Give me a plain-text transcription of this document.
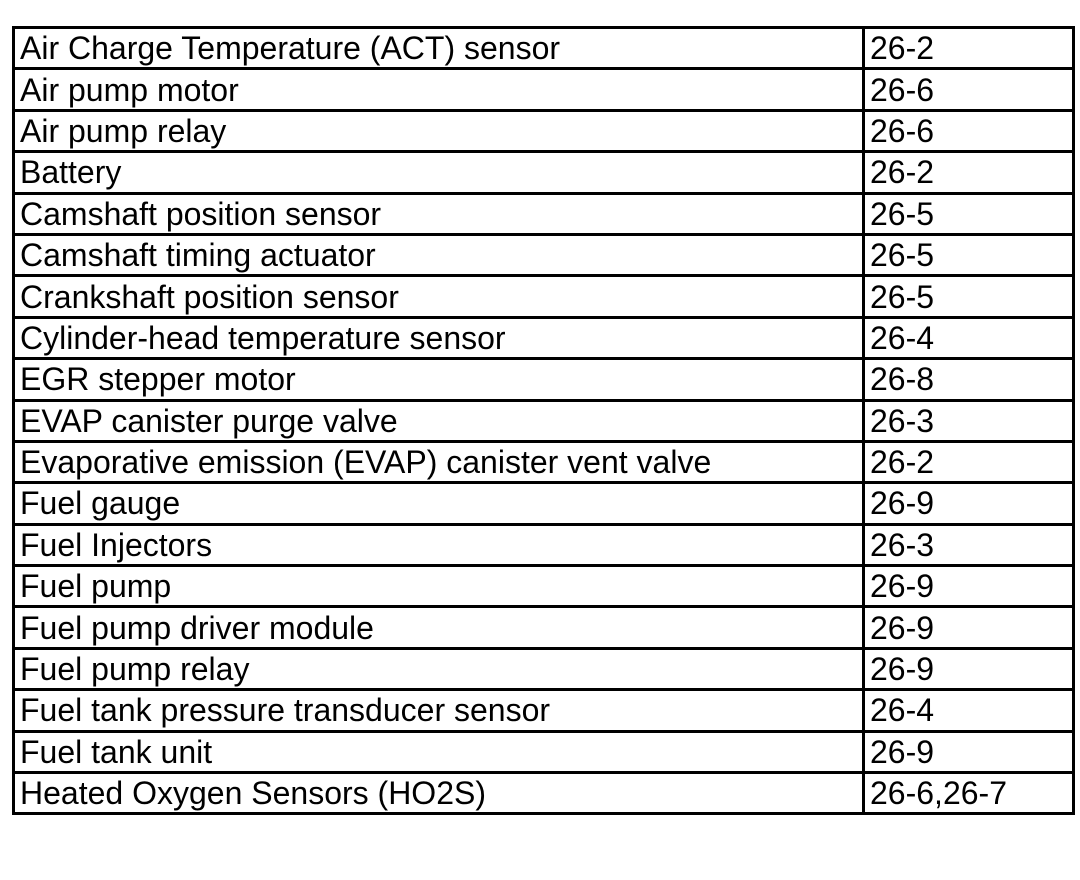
Air Charge Temperature (ACT) sensor	26-2
Air pump motor	26-6
Air pump relay	26-6
Battery	26-2
Camshaft position sensor	26-5
Camshaft timing actuator	26-5
Crankshaft position sensor	26-5
Cylinder-head temperature sensor	26-4
EGR stepper motor	26-8
EVAP canister purge valve	26-3
Evaporative emission (EVAP) canister vent valve	26-2
Fuel gauge	26-9
Fuel Injectors	26-3
Fuel pump	26-9
Fuel pump driver module	26-9
Fuel pump relay	26-9
Fuel tank pressure transducer sensor	26-4
Fuel tank unit	26-9
Heated Oxygen Sensors (HO2S)	26-6,26-7
